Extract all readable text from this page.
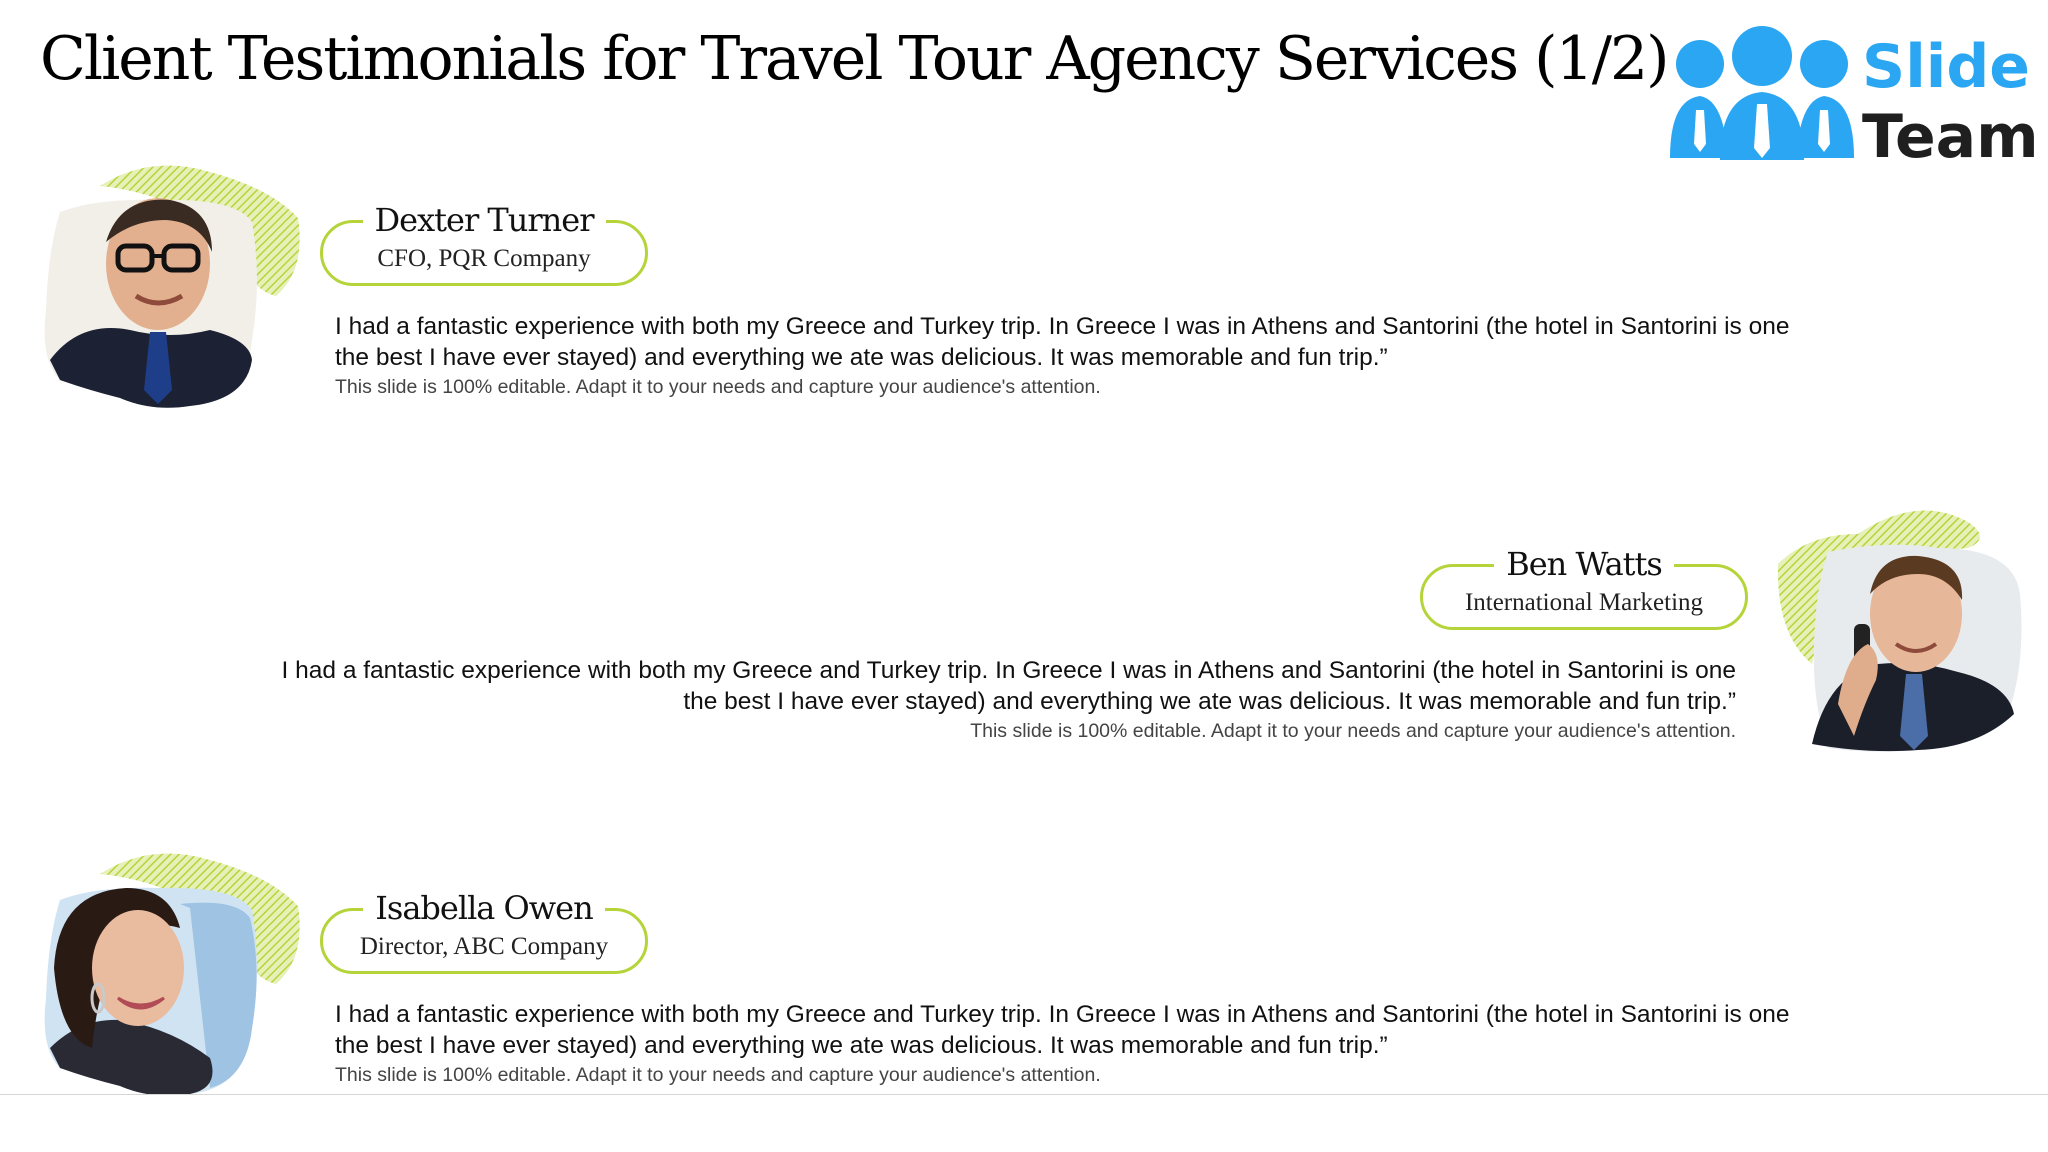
Client Testimonials for Travel Tour Agency Services (1/2)	Slide
Team
Dexter Turner
CFO, PQR Company
I had a fantastic experience with both my Greece and Turkey trip. In Greece I was in Athens and Santorini (the hotel in Santorini is one
the best I have ever stayed) and everything we ate was delicious. It was memorable and fun trip.”
This slide is 100% editable. Adapt it to your needs and capture your audience's attention.
Ben Watts
International Marketing
I had a fantastic experience with both my Greece and Turkey trip. In Greece I was in Athens and Santorini (the hotel in Santorini is one
the best I have ever stayed) and everything we ate was delicious. It was memorable and fun trip.”
This slide is 100% editable. Adapt it to your needs and capture your audience's attention.
Isabella Owen
Director, ABC Company
I had a fantastic experience with both my Greece and Turkey trip. In Greece I was in Athens and Santorini (the hotel in Santorini is one
the best I have ever stayed) and everything we ate was delicious. It was memorable and fun trip.”
This slide is 100% editable. Adapt it to your needs and capture your audience's attention.
